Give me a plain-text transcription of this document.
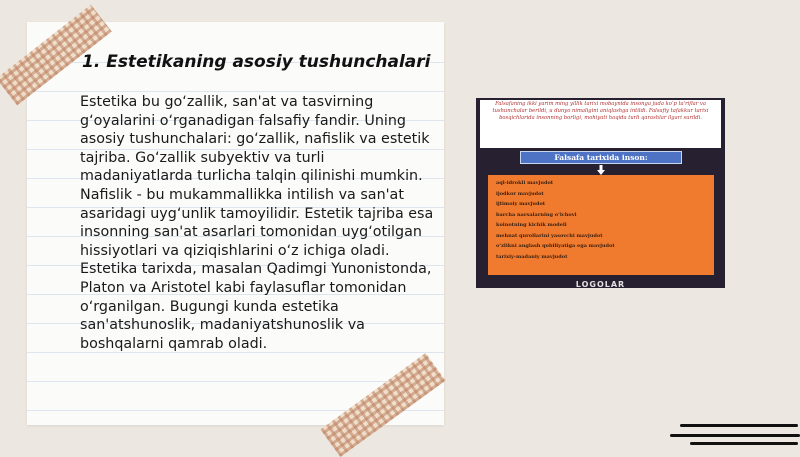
1. Estetikaning asosiy tushunchalari

Estetika bu go‘zallik, san'at va tasvirning g‘oyalarini o‘rganadigan falsafiy fandir. Uning asosiy tushunchalari: go‘zallik, nafislik va estetik tajriba. Go‘zallik subyektiv va turli madaniyatlarda turlicha talqin qilinishi mumkin. Nafislik - bu mukammallikka intilish va san'at asaridagi uyg‘unlik tamoyilidir. Estetik tajriba esa insonning san'at asarlari tomonidan uyg‘otilgan hissiyotlari va qiziqishlarini o‘z ichiga oladi. Estetika tarixda, masalan Qadimgi Yunonistonda, Platon va Aristotel kabi faylasuflar tomonidan o‘rganilgan. Bugungi kunda estetika san'atshunoslik, madaniyatshunoslik va boshqalarni qamrab oladi.

Falsafaning ikki yarim ming yillik tarixi mobaynida insonga juda ko‘p ta'riflar va tushunchalar berildi, u dunyo nimaligini aniqlashga intildi. Falsafiy tafakkur tarixi bosqichlarida insonning borligi, mohiyati haqida turli qarashlar ilgari surildi.
Falsafa tarixida inson:
aql-idrokli mavjudot
ijodkor mavjudot
ijtimoiy mavjudot
barcha narsalarning o‘lchovi
koinotning kichik modeli
mehnat qurollarini yasovchi mavjudot
o‘zlikni anglash qobiliyatiga ega mavjudot
tarixiy-madaniy mavjudot
LOGOLAR
